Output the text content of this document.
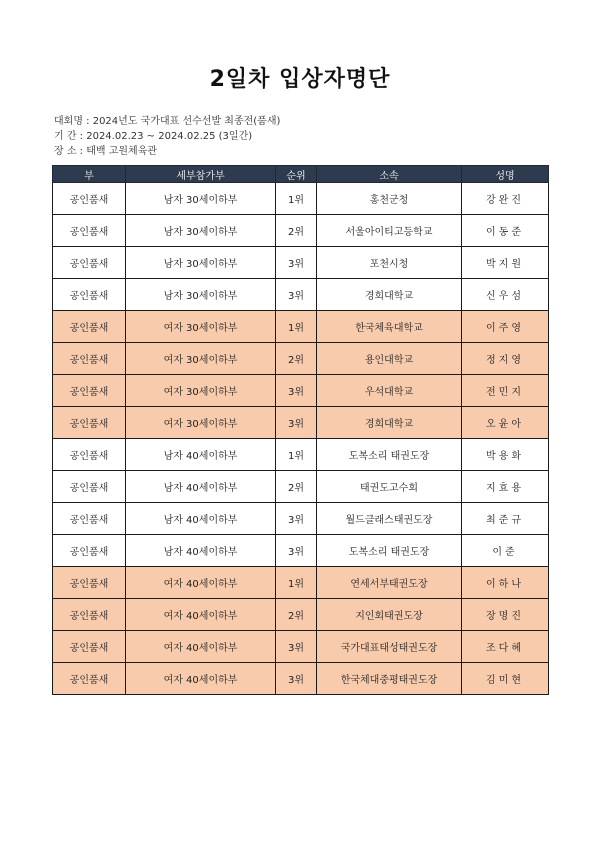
2일차 입상자명단
대회명 : 2024년도 국가대표 선수선발 최종전(품새)
기 간 : 2024.02.23 ~ 2024.02.25 (3일간)
장 소 : 태백 고원체육관
부	세부참가부	순위	소속	성명
공인품새	남자 30세이하부	1위	홍천군청	강완진
공인품새	남자 30세이하부	2위	서울아이티고등학교	이동준
공인품새	남자 30세이하부	3위	포천시청	박지원
공인품새	남자 30세이하부	3위	경희대학교	신우섬
공인품새	여자 30세이하부	1위	한국체육대학교	이주영
공인품새	여자 30세이하부	2위	용인대학교	정지영
공인품새	여자 30세이하부	3위	우석대학교	전민지
공인품새	여자 30세이하부	3위	경희대학교	오윤아
공인품새	남자 40세이하부	1위	도복소리 태권도장	박용화
공인품새	남자 40세이하부	2위	태권도고수회	지효용
공인품새	남자 40세이하부	3위	월드클래스태권도장	최준규
공인품새	남자 40세이하부	3위	도복소리 태권도장	이준
공인품새	여자 40세이하부	1위	연세서부태권도장	이하나
공인품새	여자 40세이하부	2위	지인회태권도장	장명진
공인품새	여자 40세이하부	3위	국가대표태성태권도장	조다혜
공인품새	여자 40세이하부	3위	한국체대중평태권도장	김미현
